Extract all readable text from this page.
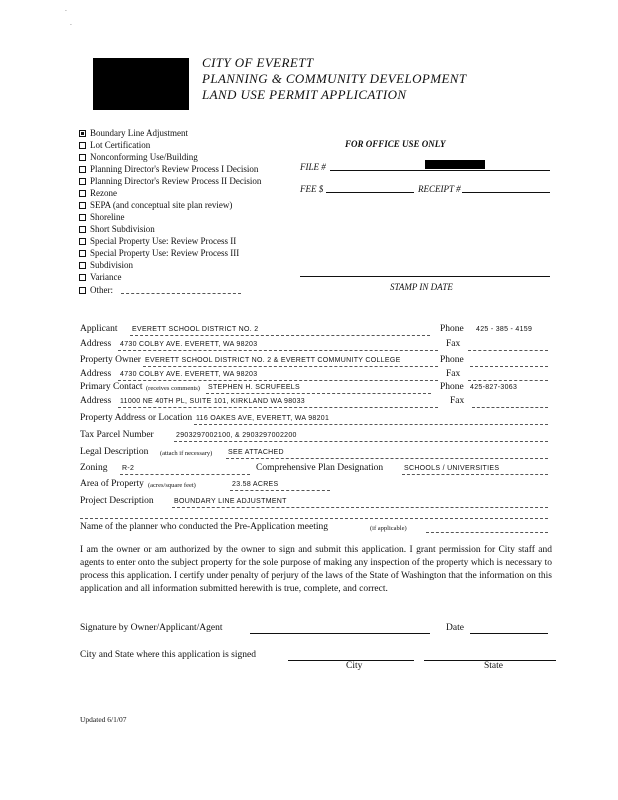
·
·
CITY OF EVERETT
PLANNING & COMMUNITY DEVELOPMENT
LAND USE PERMIT APPLICATION
Boundary Line Adjustment
Lot Certification
Nonconforming Use/Building
Planning Director's Review Process I Decision
Planning Director's Review Process II Decision
Rezone
SEPA (and conceptual site plan review)
Shoreline
Short Subdivision
Special Property Use: Review Process II
Special Property Use: Review Process III
Subdivision
Variance
Other:
FOR OFFICE USE ONLY
FILE #
FEE $	RECEIPT #
STAMP IN DATE
Applicant EVERETT SCHOOL DISTRICT NO. 2	Phone 425 - 385 - 4159
Address 4730 COLBY AVE. EVERETT, WA 98203	Fax
Property Owner EVERETT SCHOOL DISTRICT NO. 2 & EVERETT COMMUNITY COLLEGE	Phone
Address 4730 COLBY AVE. EVERETT, WA 98203	Fax
Primary Contact (receives comments) STEPHEN H. SCRUFEELS	Phone 425-827-3063
Address 11000 NE 40TH PL, SUITE 101, KIRKLAND WA 98033	Fax
Property Address or Location 116 OAKES AVE, EVERETT, WA 98201
Tax Parcel Number	2903297002100, & 2903297002200
Legal Description (attach if necessary) SEE ATTACHED
Zoning R-2	Comprehensive Plan Designation	SCHOOLS / UNIVERSITIES
Area of Property (acres/square feet)	23.58 ACRES
Project Description	BOUNDARY LINE ADJUSTMENT
Name of the planner who conducted the Pre-Application meeting	(if applicable)
I am the owner or am authorized by the owner to sign and submit this application. I grant permission for City staff and agents to enter onto the subject property for the sole purpose of making any inspection of the property which is necessary to process this application. I certify under penalty of perjury of the laws of the State of Washington that the information on this application and all information submitted herewith is true, complete, and correct.
Signature by Owner/Applicant/Agent	Date
City and State where this application is signed
City	State
Updated 6/1/07
